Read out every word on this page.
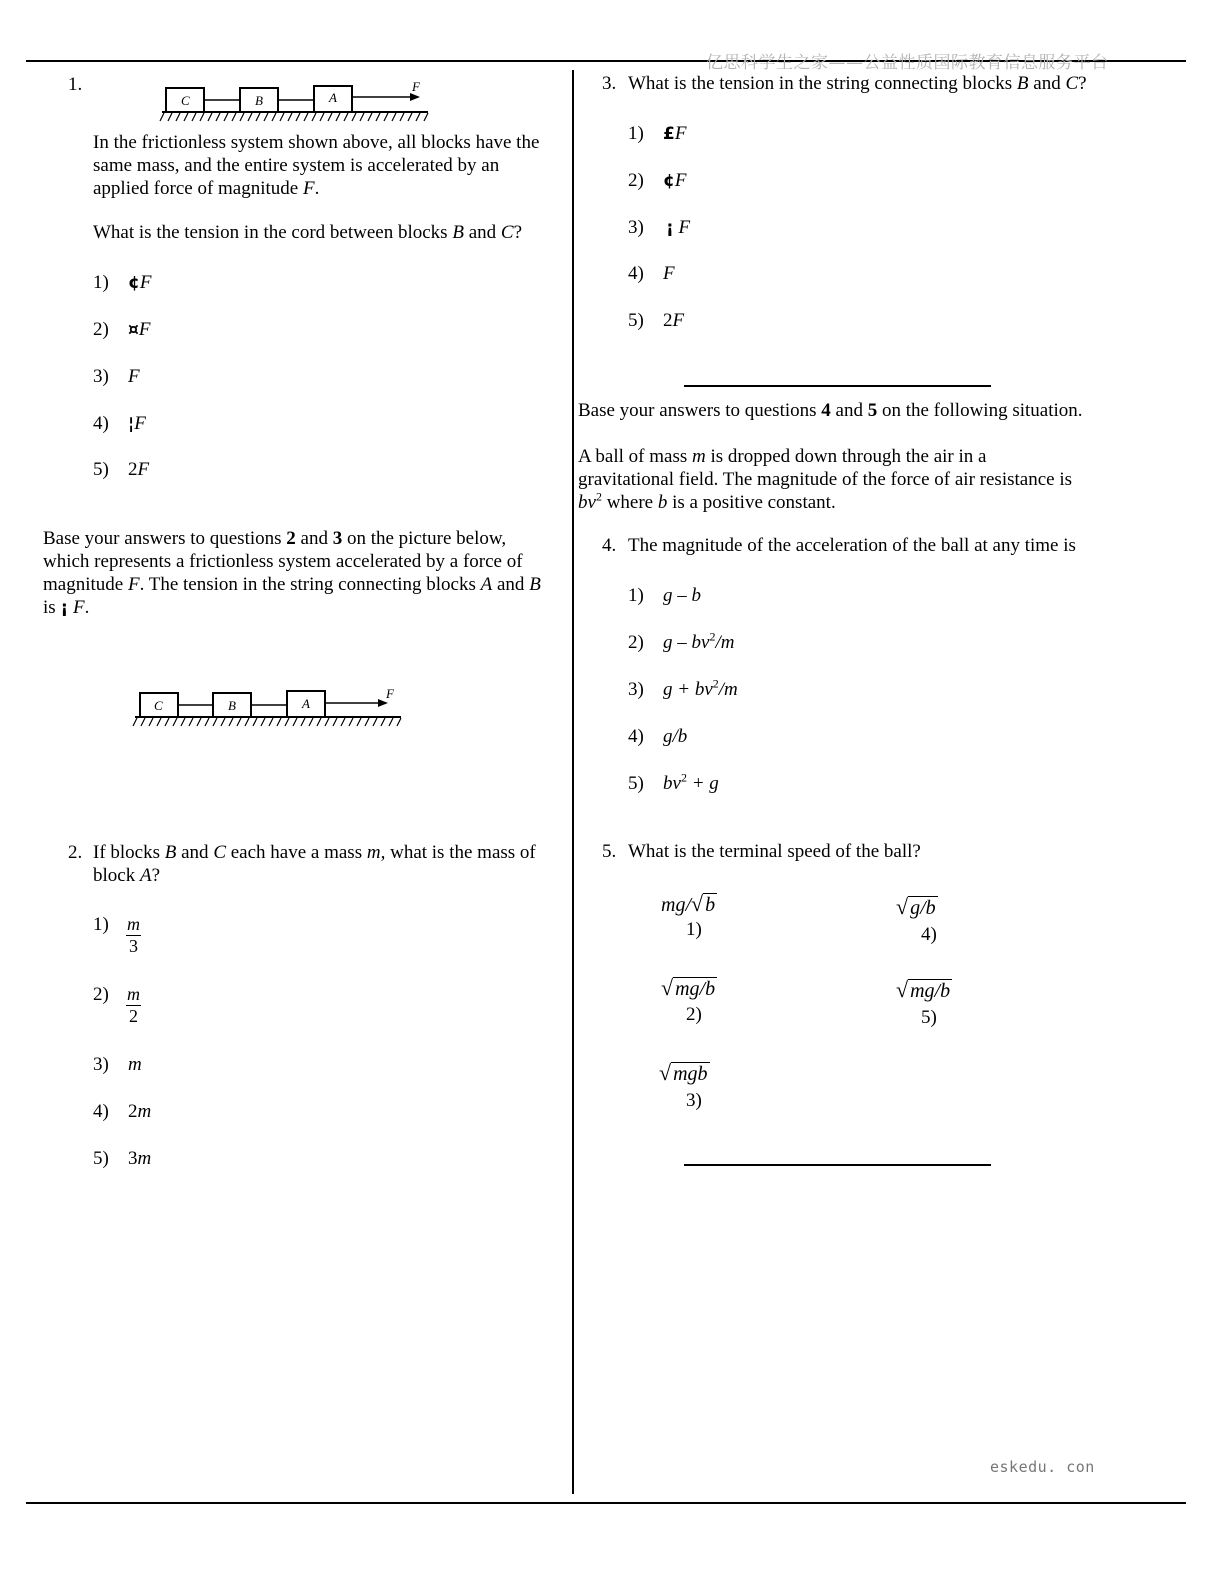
亿思科学生之家——公益性质国际教育信息服务平台
eskedu. con
1.
C	B	A
F
In the frictionless system shown above, all blocks have the
same mass, and the entire system is accelerated by an
applied force of magnitude F.
What is the tension in the cord between blocks B and C?
1) ¢F
2) ¤F
3) F
4) ¦F
5) 2F
Base your answers to questions 2 and 3 on the picture below,
which represents a frictionless system accelerated by a force of
magnitude F. The tension in the string connecting blocks A and B
is ¡ F.
C	B	A
F
2. If blocks B and C each have a mass m, what is the mass of
block A?
$1) \frac{m}{3}$
$2) \frac{m}{2}$
3) m
4) 2m
5) 3m
3. What is the tension in the string connecting blocks B and C?
1) £F
2) ¢F
3) ¡ F
4) F
5) 2F
Base your answers to questions 4 and 5 on the following situation.
A ball of mass m is dropped down through the air in a
gravitational field. The magnitude of the force of air resistance is
$bv^2$ where b is a positive constant.
4. The magnitude of the acceleration of the ball at any time is
1) g – b
2) g – $bv^2/m$
3) $g + bv^2/m$
4) g/b
5) $bv^2 + g$
5. What is the terminal speed of the ball?
mg/√ b
1)
√ mg/b
2)
√ mgb
3)
√ g/b
4)
√ mg/b
5)
